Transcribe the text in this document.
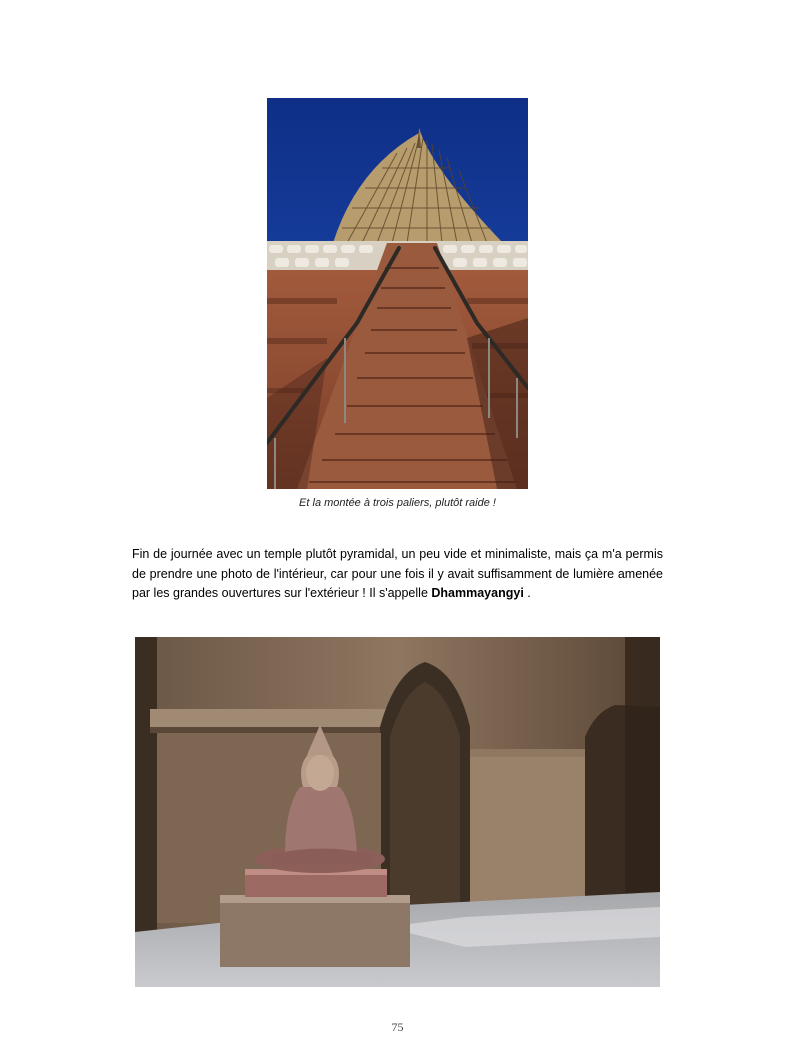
Et la montée à trois paliers, plutôt raide !
Fin de journée avec un temple plutôt pyramidal, un peu vide et minimaliste, mais ça m'a permis de prendre une photo de l'intérieur, car pour une fois il y avait suffisamment de lumière amenée par les grandes ouvertures sur l'extérieur ! Il s'appelle Dhammayangyi .
75
